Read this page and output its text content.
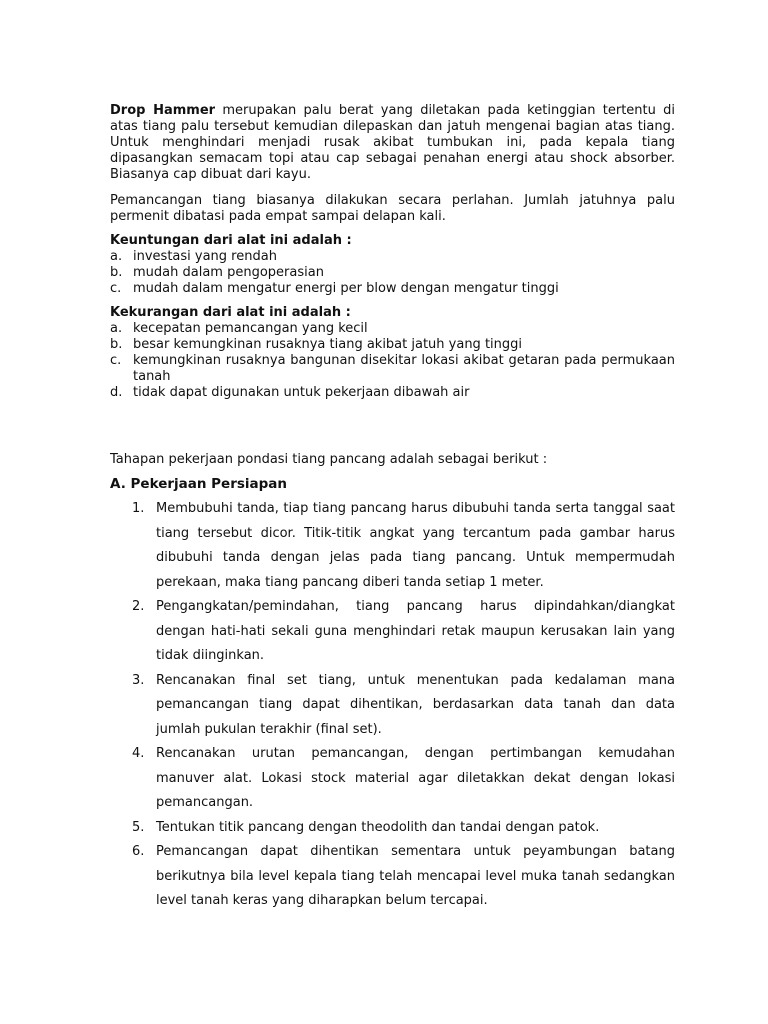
Drop Hammer merupakan palu berat yang diletakan pada ketinggian tertentu di atas tiang palu tersebut kemudian dilepaskan dan jatuh mengenai bagian atas tiang. Untuk menghindari menjadi rusak akibat tumbukan ini, pada kepala tiang dipasangkan semacam topi atau cap sebagai penahan energi atau shock absorber. Biasanya cap dibuat dari kayu.

Pemancangan tiang biasanya dilakukan secara perlahan. Jumlah jatuhnya palu permenit dibatasi pada empat sampai delapan kali.

Keuntungan dari alat ini adalah :
a. investasi yang rendah
b. mudah dalam pengoperasian
c. mudah dalam mengatur energi per blow dengan mengatur tinggi
Kekurangan dari alat ini adalah :
a. kecepatan pemancangan yang kecil
b. besar kemungkinan rusaknya tiang akibat jatuh yang tinggi
c. kemungkinan rusaknya bangunan disekitar lokasi akibat getaran pada permukaan tanah
d. tidak dapat digunakan untuk pekerjaan dibawah air

Tahapan pekerjaan pondasi tiang pancang adalah sebagai berikut :

A. Pekerjaan Persiapan
1. Membubuhi tanda, tiap tiang pancang harus dibubuhi tanda serta tanggal saat tiang tersebut dicor. Titik-titik angkat yang tercantum pada gambar harus dibubuhi tanda dengan jelas pada tiang pancang. Untuk mempermudah perekaan, maka tiang pancang diberi tanda setiap 1 meter.
2. Pengangkatan/pemindahan, tiang pancang harus dipindahkan/diangkat dengan hati-hati sekali guna menghindari retak maupun kerusakan lain yang tidak diinginkan.
3. Rencanakan final set tiang, untuk menentukan pada kedalaman mana pemancangan tiang dapat dihentikan, berdasarkan data tanah dan data jumlah pukulan terakhir (final set).
4. Rencanakan urutan pemancangan, dengan pertimbangan kemudahan manuver alat. Lokasi stock material agar diletakkan dekat dengan lokasi pemancangan.
5. Tentukan titik pancang dengan theodolith dan tandai dengan patok.
6. Pemancangan dapat dihentikan sementara untuk peyambungan batang berikutnya bila level kepala tiang telah mencapai level muka tanah sedangkan level tanah keras yang diharapkan belum tercapai.
